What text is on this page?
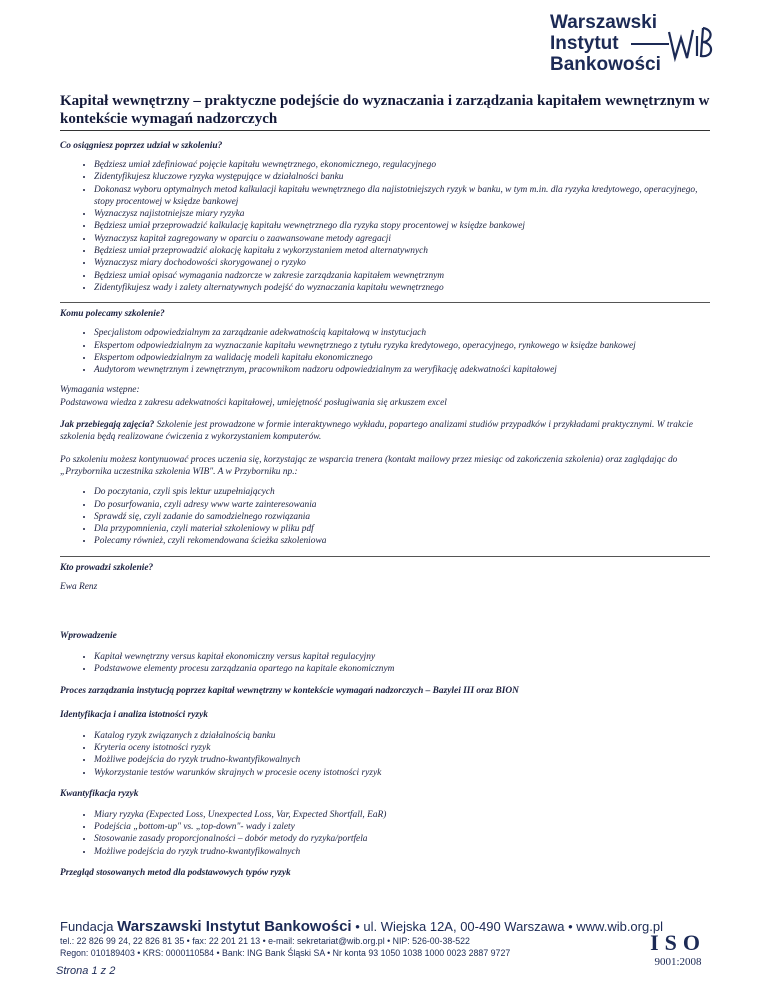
Warszawski
Instytut
Bankowości
Kapitał wewnętrzny – praktyczne podejście do wyznaczania i zarządzania kapitałem wewnętrznym w kontekście wymagań nadzorczych
Co osiągniesz poprzez udział w szkoleniu?
• Będziesz umiał zdefiniować pojęcie kapitału wewnętrznego, ekonomicznego, regulacyjnego
• Zidentyfikujesz kluczowe ryzyka występujące w działalności banku
• Dokonasz wyboru optymalnych metod kalkulacji kapitału wewnętrznego dla najistotniejszych ryzyk w banku, w tym m.in. dla ryzyka kredytowego, operacyjnego, stopy procentowej w księdze bankowej
• Wyznaczysz najistotniejsze miary ryzyka
• Będziesz umiał przeprowadzić kalkulację kapitału wewnętrznego dla ryzyka stopy procentowej w księdze bankowej
• Wyznaczysz kapitał zagregowany w oparciu o zaawansowane metody agregacji
• Będziesz umiał przeprowadzić alokację kapitału z wykorzystaniem metod alternatywnych
• Wyznaczysz miary dochodowości skorygowanej o ryzyko
• Będziesz umiał opisać wymagania nadzorcze w zakresie zarządzania kapitałem wewnętrznym
• Zidentyfikujesz wady i zalety alternatywnych podejść do wyznaczania kapitału wewnętrznego
Komu polecamy szkolenie?
• Specjalistom odpowiedzialnym za zarządzanie adekwatnością kapitałową w instytucjach
• Ekspertom odpowiedzialnym za wyznaczanie kapitału wewnętrznego z tytułu ryzyka kredytowego, operacyjnego, rynkowego w księdze bankowej
• Ekspertom odpowiedzialnym za walidację modeli kapitału ekonomicznego
• Audytorom wewnętrznym i zewnętrznym, pracownikom nadzoru odpowiedzialnym za weryfikację adekwatności kapitałowej

Wymagania wstępne:

Podstawowa wiedza z zakresu adekwatności kapitałowej, umiejętność posługiwania się arkuszem excel

Jak przebiegają zajęcia? Szkolenie jest prowadzone w formie interaktywnego wykładu, popartego analizami studiów przypadków i przykładami praktycznymi. W trakcie szkolenia będą realizowane ćwiczenia z wykorzystaniem komputerów.

Po szkoleniu możesz kontynuować proces uczenia się, korzystając ze wsparcia trenera (kontakt mailowy przez miesiąc od zakończenia szkolenia) oraz zaglądając do „Przybornika uczestnika szkolenia WIB". A w Przyborniku np.:

• Do poczytania, czyli spis lektur uzupełniających
• Do posurfowania, czyli adresy www warte zainteresowania
• Sprawdź się, czyli zadanie do samodzielnego rozwiązania
• Dla przypomnienia, czyli materiał szkoleniowy w pliku pdf
• Polecamy również, czyli rekomendowana ścieżka szkoleniowa
Kto prowadzi szkolenie?

Ewa Renz

Wprowadzenie
• Kapitał wewnętrzny versus kapitał ekonomiczny versus kapitał regulacyjny
• Podstawowe elementy procesu zarządzania opartego na kapitale ekonomicznym
Proces zarządzania instytucją poprzez kapitał wewnętrzny w kontekście wymagań nadzorczych – Bazylei III oraz BION
Identyfikacja i analiza istotności ryzyk
• Katalog ryzyk związanych z działalnością banku
• Kryteria oceny istotności ryzyk
• Możliwe podejścia do ryzyk trudno-kwantyfikowalnych
• Wykorzystanie testów warunków skrajnych w procesie oceny istotności ryzyk
Kwantyfikacja ryzyk
• Miary ryzyka (Expected Loss, Unexpected Loss, Var, Expected Shortfall, EaR)
• Podejścia „bottom-up" vs. „top-down"- wady i zalety
• Stosowanie zasady proporcjonalności – dobór metody do ryzyka/portfela
• Możliwe podejścia do ryzyk trudno-kwantyfikowalnych
Przegląd stosowanych metod dla podstawowych typów ryzyk
Fundacja Warszawski Instytut Bankowości • ul. Wiejska 12A, 00-490 Warszawa • www.wib.org.pl
tel.: 22 826 99 24, 22 826 81 35 • fax: 22 201 21 13 • e-mail: sekretariat@wib.org.pl • NIP: 526-00-38-522
Regon: 010189403 • KRS: 0000110584 • Bank: ING Bank Śląski SA • Nr konta 93 1050 1038 1000 0023 2887 9727
Strona 1 z 2
ISO
9001:2008
